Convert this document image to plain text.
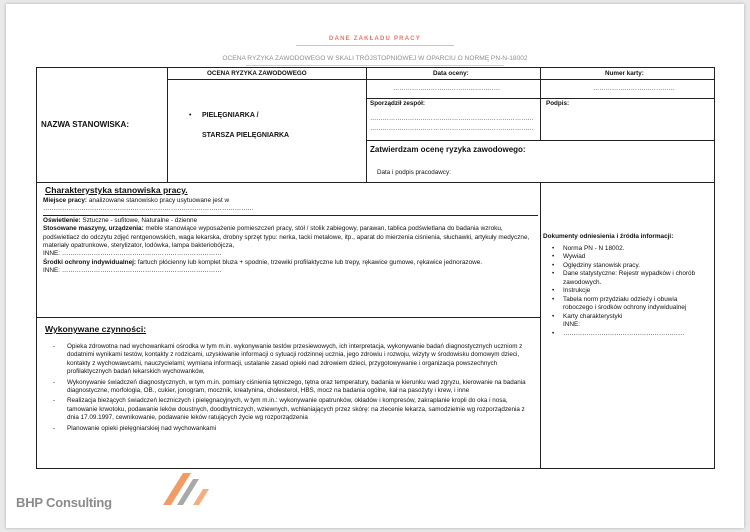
DANE ZAKŁADU PRACY
OCENA RYZYKA ZAWODOWEGO W SKALI TRÓJSTOPNIOWEJ W OPARCIU O NORMĘ PN-N-18002
NAZWA STANOWISKA:
OCENA RYZYKA ZAWODOWEGO
• PIELĘGNIARKA /
STARSZA PIELĘGNIARKA
Data oceny:
……………………………………………
Numer karty:
…………………………………
Sporządził zespół:
……………………………………………………………………
……………………………………………………………………
Podpis:
Zatwierdzam ocenę ryzyka zawodowego:
Data i podpis pracodawcy:
Charakterystyka stanowiska pracy.

Miejsce pracy: analizowane stanowisko pracy usytuowane jest w

………………………………………………………………………………………

Oświetlenie: Sztuczne - sufitowe, Naturalne - dzienne

Stosowane maszyny, urządzenia: meble stanowiące wyposażenie pomieszczeń pracy, stół / stolik zabiegowy, parawan, tablica podświetlana do badania wzroku, podświetlacz do odczytu zdjęć rentgenowskich, waga lekarska, drobny sprzęt typu: nerka, tacki metalowe, itp., aparat do mierzenia ciśnienia, słuchawki, artykuły medyczne, materiały opatrunkowe, sterylizator, lodówka, lampa bakteriobójcza,

INNE: …………………………………………………………………

Środki ochrony indywidualnej: fartuch płócienny lub komplet bluza + spodnie, trzewiki profilaktyczne lub trepy, rękawice gumowe, rękawice jednorazowe.

INNE: …………………………………………………………………

Dokumenty odniesienia i źródła informacji:
• Norma PN - N 18002.
• Wywiad
• Oględziny stanowisk pracy.
• Dane statystyczne: Rejestr wypadków i chorób zawodowych.
• Instrukcje
• Tabela norm przydziału odzieży i obuwia roboczego i środków ochrony indywidualnej
• Karty charakterystyki
INNE:
• …………………………………………………
Wykonywane czynności:
- Opieka zdrowotna nad wychowankami ośrodka w tym m.in. wykonywanie testów przesiewowych, ich interpretacja, wykonywanie badań diagnostycznych uczniom z dodatnimi wynikami testów, kontakty z rodzicami, uzyskiwanie informacji o sytuacji rodzinnej ucznia, jego zdrowiu i rozwoju, wizyty w środowisku domowym dzieci, kontakty z wychowawcami, nauczycielami; wymiana informacji, ustalanie zasad opieki nad zdrowiem dzieci, przygotowywanie i organizacja powszechnych profilaktycznych badań lekarskich wychowanków,
- Wykonywanie świadczeń diagnostycznych, w tym m.in. pomiary ciśnienia tętniczego, tętna oraz temperatury, badania w kierunku wad zgryzu, kierowanie na badania diagnostyczne, morfologia, OB., cukier, jonogram, mocznik, kreatynina, cholesterol, HBS, mocz na badania ogólne, kał na pasożyty i krew, i inne
- Realizacja bieżących świadczeń leczniczych i pielęgnacyjnych, w tym m.in.: wykonywanie opatrunków, okładów i kompresów, zakraplanie kropli do oka i nosa, tamowanie krwotoku, podawanie leków doustnych, doodbytniczych, wziewnych, wchłaniających przez skórę: na zlecenie lekarza, samodzielnie wg rozporządzenia z dnia 17.09.1997, cewnikowanie, podawanie leków ratujących życie wg rozporządzenia
- Planowanie opieki pielęgniarskiej nad wychowankami
BHP Consulting
